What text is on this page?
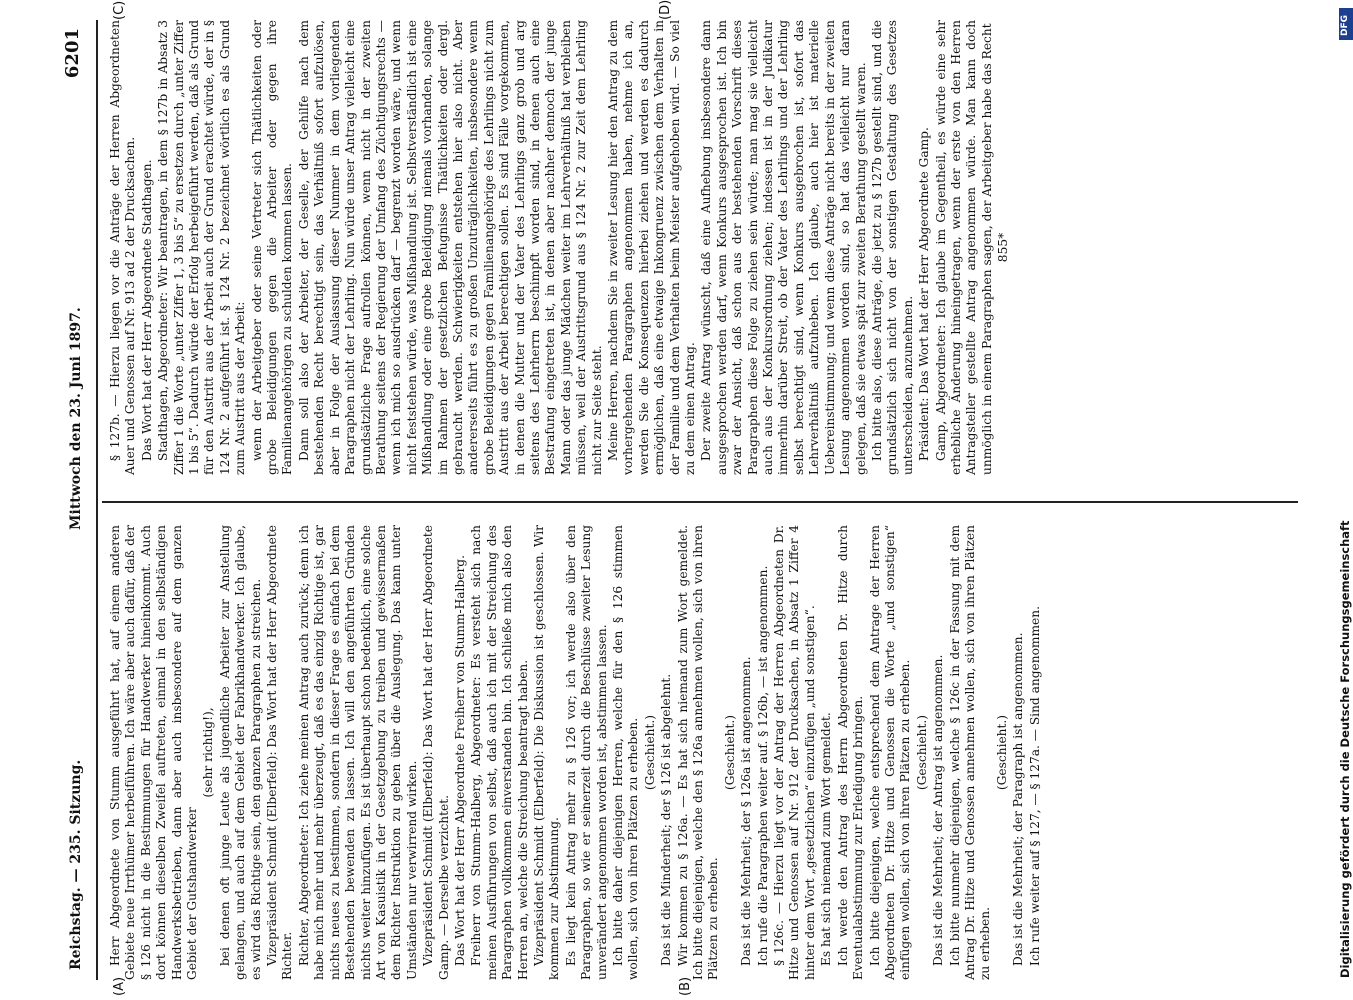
Reichstag. — 235. Sitzung.
Mittwoch den 23. Juni 1897.
6201
(A)	(B)
(C)	(D)

Herr Abgeordnete von Stumm ausgeführt hat, auf einem anderen Gebiete neue Irrthümer herbeiführen. Ich wäre aber auch dafür, daß der § 126 nicht in die Bestimmungen für Handwerker hineinkommt. Auch dort können dieselben Zweifel auftreten, einmal in den selbständigen Handwerksbetrieben, dann aber auch insbesondere auf dem ganzen Gebiet der Gutshandwerker

(sehr richtig!), bei denen oft junge Leute als jugendliche Arbeiter zur Anstellung gelangen, und auch auf dem Gebiet der Fabrikhandwerker. Ich glaube, es wird das Richtige sein, den ganzen Paragraphen zu streichen. Vizepräsident Schmidt (Elberfeld): Das Wort hat der Herr Abgeordnete Richter. Richter, Abgeordneter: Ich ziehe meinen Antrag auch zurück; denn ich habe mich mehr und mehr überzeugt, daß es das einzig Richtige ist, gar nichts neues zu bestimmen, sondern in dieser Frage es einfach bei dem Bestehenden bewenden zu lassen. Ich will den angeführten Gründen nichts weiter hinzufügen. Es ist überhaupt schon bedenklich, eine solche Art von Kasuistik in der Gesetzgebung zu treiben und gewissermaßen dem Richter Instruktion zu geben über die Auslegung. Das kann unter Umständen nur verwirrend wirken. Vizepräsident Schmidt (Elberfeld): Das Wort hat der Herr Abgeordnete Gamp. — Derselbe verzichtet. Das Wort hat der Herr Abgeordnete Freiherr von Stumm-Halberg. Freiherr von Stumm-Halberg, Abgeordneter: Es versteht sich nach meinen Ausführungen von selbst, daß auch ich mit der Streichung des Paragraphen vollkommen einverstanden bin. Ich schließe mich also den Herren an, welche die Streichung beantragt haben. Vizepräsident Schmidt (Elberfeld): Die Diskussion ist geschlossen. Wir kommen zur Abstimmung. Es liegt kein Antrag mehr zu § 126 vor; ich werde also über den Paragraphen, so wie er seinerzeit durch die Beschlüsse zweiter Lesung unverändert angenommen worden ist, abstimmen lassen. Ich bitte daher diejenigen Herren, welche für den § 126 stimmen wollen, sich von ihren Plätzen zu erheben. (Geschieht.) Das ist die Minderheit; der § 126 ist abgelehnt. Wir kommen zu § 126a. — Es hat sich niemand zum Wort gemeldet. Ich bitte diejenigen, welche den § 126a annehmen wollen, sich von ihren Plätzen zu erheben.

(Geschieht.) Das ist die Mehrheit; der § 126a ist angenommen. Ich rufe die Paragraphen weiter auf. § 126b, — ist angenommen. § 126c. — Hierzu liegt vor der Antrag der Herren Abgeordneten Dr. Hitze und Genossen auf Nr. 912 der Drucksachen, in Absatz 1 Ziffer 4 hinter dem Wort „gesetzlichen“ einzufügen „und sonstigen“. Es hat sich niemand zum Wort gemeldet. Ich werde den Antrag des Herrn Abgeordneten Dr. Hitze durch Eventualabstimmung zur Erledigung bringen. Ich bitte diejenigen, welche entsprechend dem Antrage der Herren Abgeordneten Dr. Hitze und Genossen die Worte „und sonstigen“ einfügen wollen, sich von ihren Plätzen zu erheben. (Geschieht.) Das ist die Mehrheit; der Antrag ist angenommen. Ich bitte nunmehr diejenigen, welche § 126c in der Fassung mit dem Antrag Dr. Hitze und Genossen annehmen wollen, sich von ihren Plätzen zu erheben.

(Geschieht.) Das ist die Mehrheit; der Paragraph ist angenommen. Ich rufe weiter auf § 127, — § 127a. — Sind angenommen.

§ 127b. — Hierzu liegen vor die Anträge der Herren Abgeordneten Auer und Genossen auf Nr. 913 ad 2 der Drucksachen. Das Wort hat der Herr Abgeordnete Stadthagen. Stadthagen, Abgeordneter: Wir beantragen, in dem § 127b in Absatz 3 Ziffer 1 die Worte „unter Ziffer 1, 3 bis 5“ zu ersetzen durch „unter Ziffer 1 bis 5“. Dadurch würde der Erfolg herbeigeführt werden, daß als Grund für den Austritt aus der Arbeit auch der Grund erachtet würde, der in § 124 Nr. 2 aufgeführt ist. § 124 Nr. 2 bezeichnet wörtlich es als Grund zum Austritt aus der Arbeit: wenn der Arbeitgeber oder seine Vertreter sich Thätlichkeiten oder grobe Beleidigungen gegen die Arbeiter oder gegen ihre Familienangehörigen zu schulden kommen lassen. Dann soll also der Arbeiter, der Geselle, der Gehilfe nach dem bestehenden Recht berechtigt sein, das Verhältniß sofort aufzulösen, aber in Folge der Auslassung dieser Nummer in dem vorliegenden Paragraphen nicht der Lehrling. Nun würde unser Antrag vielleicht eine grundsätzliche Frage aufrollen können, wenn nicht in der zweiten Berathung seitens der Regierung der Umfang des Züchtigungsrechts — wenn ich mich so ausdrücken darf — begrenzt worden wäre, und wenn nicht feststehen würde, was Mißhandlung ist. Selbstverständlich ist eine Mißhandlung oder eine grobe Beleidigung niemals vorhanden, solange im Rahmen der gesetzlichen Befugnisse Thätlichkeiten oder dergl. gebraucht werden. Schwierigkeiten entstehen hier also nicht. Aber andererseits führt es zu großen Unzuträglichkeiten, insbesondere wenn grobe Beleidigungen gegen Familienangehörige des Lehrlings nicht zum Austritt aus der Arbeit berechtigen sollen. Es sind Fälle vorgekommen, in denen die Mutter und der Vater des Lehrlings ganz grob und arg seitens des Lehrherrn beschimpft worden sind, in denen auch eine Bestrafung eingetreten ist, in denen aber nachher dennoch der junge Mann oder das junge Mädchen weiter im Lehrverhältniß hat verbleiben müssen, weil der Austrittsgrund aus § 124 Nr. 2 zur Zeit dem Lehrling nicht zur Seite steht. Meine Herren, nachdem Sie in zweiter Lesung hier den Antrag zu dem vorhergehenden Paragraphen angenommen haben, nehme ich an, werden Sie die Konsequenzen hierbei ziehen und werden es dadurch ermöglichen, daß eine etwaige Inkongruenz zwischen dem Verhalten in der Familie und dem Verhalten beim Meister aufgehoben wird. — So viel zu dem einen Antrag. Der zweite Antrag wünscht, daß eine Aufhebung insbesondere dann ausgesprochen werden darf, wenn Konkurs ausgesprochen ist. Ich bin zwar der Ansicht, daß schon aus der bestehenden Vorschrift dieses Paragraphen diese Folge zu ziehen sein würde; man mag sie vielleicht auch aus der Konkursordnung ziehen; indessen ist in der Judikatur immerhin darüber Streit, ob der Vater des Lehrlings und der Lehrling selbst berechtigt sind, wenn Konkurs ausgebrochen ist, sofort das Lehrverhältniß aufzuheben. Ich glaube, auch hier ist materielle Uebereinstimmung; und wenn diese Anträge nicht bereits in der zweiten Lesung angenommen worden sind, so hat das vielleicht nur daran gelegen, daß sie etwas spät zur zweiten Berathung gestellt waren. Ich bitte also, diese Anträge, die jetzt zu § 127b gestellt sind, und die grundsätzlich sich nicht von der sonstigen Gestaltung des Gesetzes unterscheiden, anzunehmen. Präsident: Das Wort hat der Herr Abgeordnete Gamp. Gamp, Abgeordneter: Ich glaube im Gegentheil, es würde eine sehr erhebliche Änderung hineingetragen, wenn der erste von den Herren Antragsteller gestellte Antrag angenommen würde. Man kann doch unmöglich in einem Paragraphen sagen, der Arbeitgeber habe das Recht 855*

DFG
Digitalisierung gefördert durch die Deutsche Forschungsgemeinschaft
